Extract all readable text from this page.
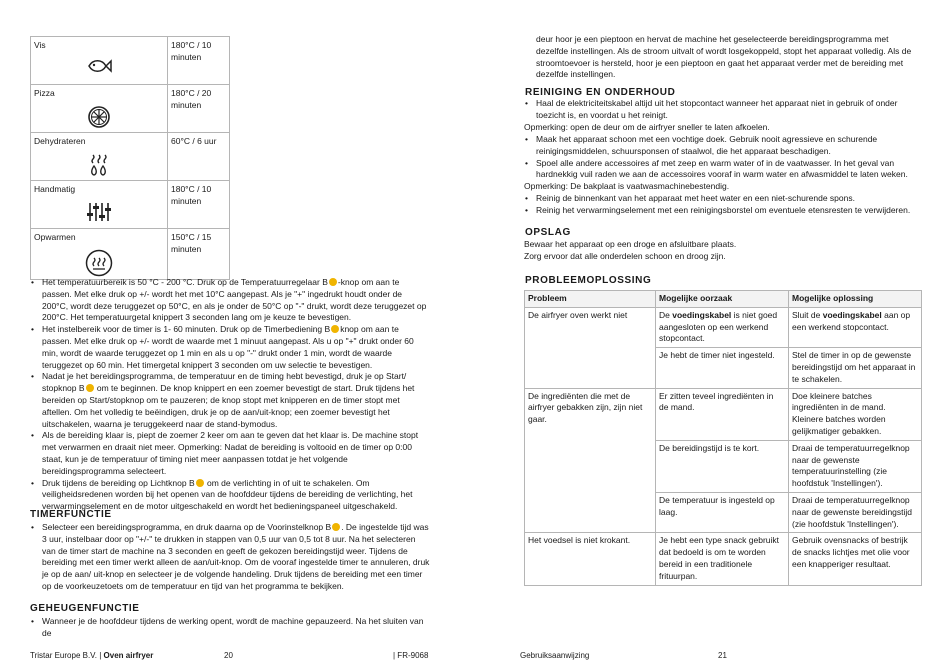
Vis	180°C / 10 minuten

Pizza	180°C / 20 minuten

Dehydrateren	60°C / 6 uur

Handmatig	180°C / 10 minuten

Opwarmen	150°C / 15 minuten
• Het temperatuurbereik is 50 °C - 200 °C. Druk op de Temperatuurregelaar B -knop om aan te passen. Met elke druk op +/- wordt het met 10°C aangepast. Als je "+" ingedrukt houdt onder de 200°C, wordt deze teruggezet op 50°C, en als je onder de 50°C op "-" drukt, wordt deze teruggezet op 200°C. Het temperatuurgetal knippert 3 seconden lang om je keuze te bevestigen.
• Het instelbereik voor de timer is 1- 60 minuten. Druk op de Timerbediening B knop om aan te passen. Met elke druk op +/- wordt de waarde met 1 minuut aangepast. Als u op "+" drukt onder 60 min, wordt de waarde teruggezet op 1 min en als u op "-" drukt onder 1 min, wordt de waarde teruggezet op 60 min. Het timergetal knippert 3 seconden om uw selectie te bevestigen.
• Nadat je het bereidingsprogramma, de temperatuur en de timing hebt bevestigd, druk je op Start/ stopknop B om te beginnen. De knop knippert en een zoemer bevestigt de start. Druk tijdens het bereiden op Start/stopknop om te pauzeren; de knop stopt met knipperen en de timer stopt met aftellen. Om het volledig te beëindigen, druk je op de aan/uit-knop; een zoemer bevestigt het uitschakelen, waarna je teruggekeerd naar de stand-bymodus.
• Als de bereiding klaar is, piept de zoemer 2 keer om aan te geven dat het klaar is. De machine stopt met verwarmen en draait niet meer. Opmerking: Nadat de bereiding is voltooid en de timer op 0:00 staat, kun je de temperatuur of timing niet meer aanpassen totdat je het volgende bereidingsprogramma selecteert.
• Druk tijdens de bereiding op Lichtknop B om de verlichting in of uit te schakelen. Om veiligheidsredenen worden bij het openen van de hoofddeur tijdens de bereiding de verlichting, het verwarmingselement en de motor uitgeschakeld en wordt het bedieningspaneel uitgeschakeld.
TIMERFUNCTIE
• Selecteer een bereidingsprogramma, en druk daarna op de Voorinstelknop B . De ingestelde tijd was 3 uur, instelbaar door op "+/-" te drukken in stappen van 0,5 uur van 0,5 tot 8 uur. Na het selecteren van de timer start de machine na 3 seconden en geeft de gekozen bereidingstijd weer. Tijdens de bereiding met een timer werkt alleen de aan/uit-knop. Om de vooraf ingestelde timer te annuleren, druk je op de aan/ uit-knop en selecteer je de volgende handeling. Druk tijdens de bereiding met een timer op de voorkeuzetoets om de temperatuur en tijd van het programma te bekijken.
GEHEUGENFUNCTIE
• Wanneer je de hoofddeur tijdens de werking opent, wordt de machine gepauzeerd. Na het sluiten van de
Tristar Europe B.V. | Oven airfryer	20	| FR-9068

deur hoor je een pieptoon en hervat de machine het geselecteerde bereidingsprogramma met dezelfde instellingen. Als de stroom uitvalt of wordt losgekoppeld, stopt het apparaat volledig. Als de stroomtoevoer is hersteld, hoor je een pieptoon en gaat het apparaat verder met de bereiding met dezelfde instellingen.

REINIGING EN ONDERHOUD
• Haal de elektriciteitskabel altijd uit het stopcontact wanneer het apparaat niet in gebruik of onder toezicht is, en voordat u het reinigt.

Opmerking: open de deur om de airfryer sneller te laten afkoelen.

• Maak het apparaat schoon met een vochtige doek. Gebruik nooit agressieve en schurende reinigingsmiddelen, schuursponsen of staalwol, die het apparaat beschadigen.
• Spoel alle andere accessoires af met zeep en warm water of in de vaatwasser. In het geval van hardnekkig vuil raden we aan de accessoires vooraf in warm water en afwasmiddel te laten weken.

Opmerking: De bakplaat is vaatwasmachinebestendig.

• Reinig de binnenkant van het apparaat met heet water en een niet-schurende spons.
• Reinig het verwarmingselement met een reinigingsborstel om eventuele etensresten te verwijderen.
OPSLAG

Bewaar het apparaat op een droge en afsluitbare plaats.

Zorg ervoor dat alle onderdelen schoon en droog zijn.

PROBLEEMOPLOSSING
Probleem	Mogelijke oorzaak	Mogelijke oplossing
De airfryer oven werkt niet	De voedingskabel is niet goed aangesloten op een werkend stopcontact.	Sluit de voedingskabel aan op een werkend stopcontact.
	Je hebt de timer niet ingesteld.	Stel de timer in op de gewenste bereidingstijd om het apparaat in te schakelen.
De ingrediënten die met de airfryer gebakken zijn, zijn niet gaar.	Er zitten teveel ingrediënten in de mand.	Doe kleinere batches ingrediënten in de mand. Kleinere batches worden gelijkmatiger gebakken.
	De bereidingstijd is te kort.	Draai de temperatuurregelknop naar de gewenste temperatuurinstelling (zie hoofdstuk 'Instellingen').
	De temperatuur is ingesteld op laag.	Draai de temperatuurregelknop naar de gewenste bereidingstijd (zie hoofdstuk 'Instellingen').
Het voedsel is niet krokant.	Je hebt een type snack gebruikt dat bedoeld is om te worden bereid in een traditionele frituurpan.	Gebruik ovensnacks of bestrijk de snacks lichtjes met olie voor een knapperiger resultaat.
Gebruiksaanwijzing	21
